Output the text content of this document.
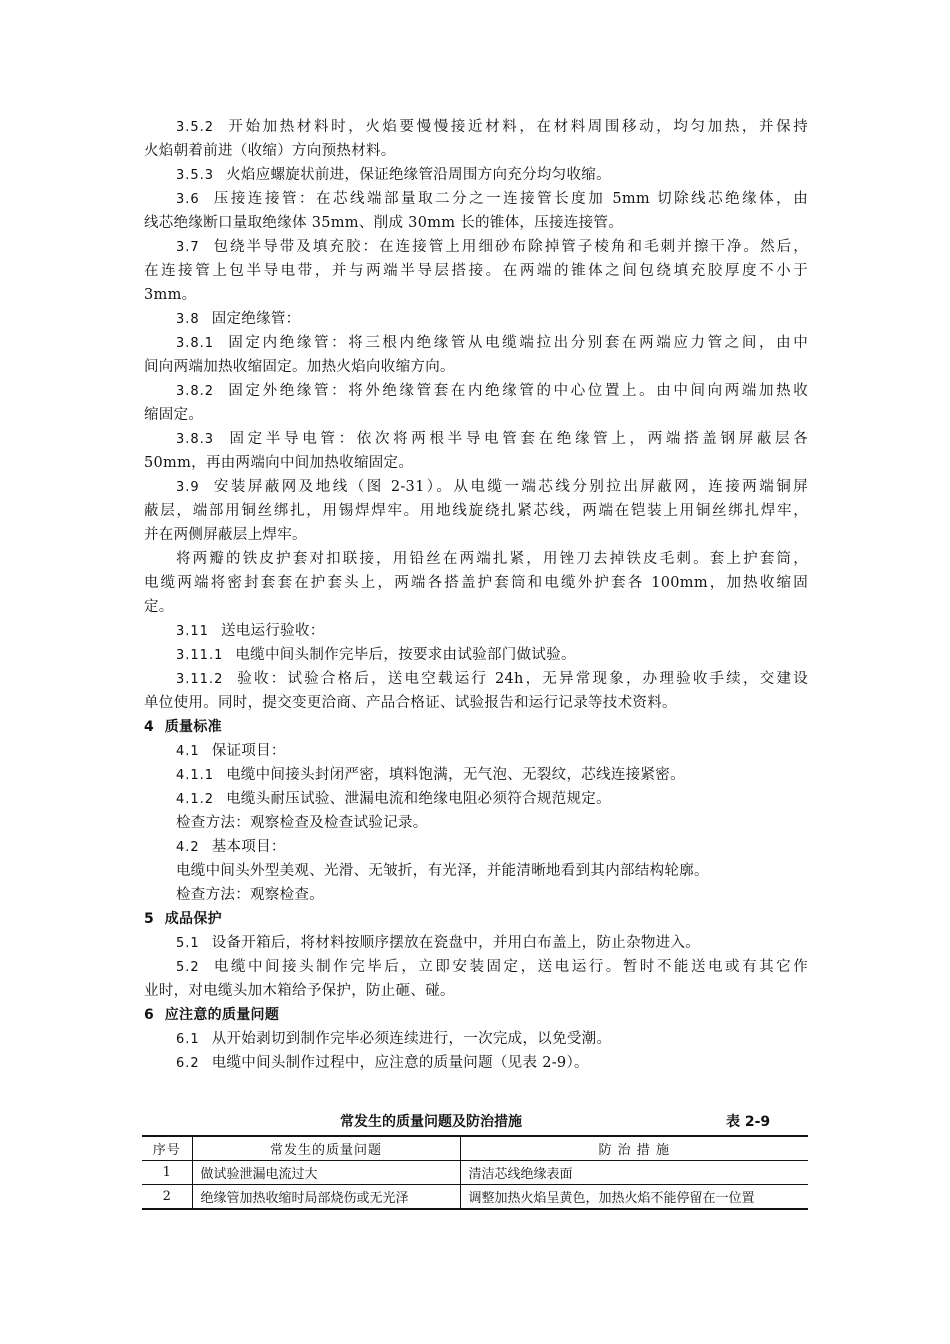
3.5.2 开始加热材料时，火焰要慢慢接近材料，在材料周围移动，均匀加热，并保持
火焰朝着前进（收缩）方向预热材料。
3.5.3 火焰应螺旋状前进，保证绝缘管沿周围方向充分均匀收缩。
3.6 压接连接管：在芯线端部量取二分之一连接管长度加 5mm 切除线芯绝缘体，由
线芯绝缘断口量取绝缘体 35mm、削成 30mm 长的锥体，压接连接管。
3.7 包绕半导带及填充胶：在连接管上用细砂布除掉管子棱角和毛刺并擦干净。然后，
在连接管上包半导电带，并与两端半导层搭接。在两端的锥体之间包绕填充胶厚度不小于
3mm。
3.8 固定绝缘管：
3.8.1 固定内绝缘管：将三根内绝缘管从电缆端拉出分别套在两端应力管之间，由中
间向两端加热收缩固定。加热火焰向收缩方向。
3.8.2 固定外绝缘管：将外绝缘管套在内绝缘管的中心位置上。由中间向两端加热收
缩固定。
3.8.3 固定半导电管：依次将两根半导电管套在绝缘管上，两端搭盖钢屏蔽层各
50mm，再由两端向中间加热收缩固定。
3.9 安装屏蔽网及地线（图 2-31）。从电缆一端芯线分别拉出屏蔽网，连接两端铜屏
蔽层，端部用铜丝绑扎，用锡焊焊牢。用地线旋绕扎紧芯线，两端在铠装上用铜丝绑扎焊牢，
并在两侧屏蔽层上焊牢。
将两瓣的铁皮护套对扣联接，用铅丝在两端扎紧，用锉刀去掉铁皮毛刺。套上护套筒，
电缆两端将密封套套在护套头上，两端各搭盖护套筒和电缆外护套各 100mm，加热收缩固
定。
3.11 送电运行验收：
3.11.1 电缆中间头制作完毕后，按要求由试验部门做试验。
3.11.2 验收：试验合格后，送电空载运行 24h，无异常现象，办理验收手续，交建设
单位使用。同时，提交变更洽商、产品合格证、试验报告和运行记录等技术资料。
4 质量标准
4.1 保证项目：
4.1.1 电缆中间接头封闭严密，填料饱满，无气泡、无裂纹，芯线连接紧密。
4.1.2 电缆头耐压试验、泄漏电流和绝缘电阻必须符合规范规定。
检查方法：观察检查及检查试验记录。
4.2 基本项目：
电缆中间头外型美观、光滑、无皱折，有光泽，并能清晰地看到其内部结构轮廓。
检查方法：观察检查。
5 成品保护
5.1 设备开箱后，将材料按顺序摆放在瓷盘中，并用白布盖上，防止杂物进入。
5.2 电缆中间接头制作完毕后，立即安装固定，送电运行。暂时不能送电或有其它作
业时，对电缆头加木箱给予保护，防止砸、碰。
6 应注意的质量问题
6.1 从开始剥切到制作完毕必须连续进行，一次完成，以免受潮。
6.2 电缆中间头制作过程中，应注意的质量问题（见表 2-9）。
常发生的质量问题及防治措施	表 2-9
序号	常发生的质量问题	防 治 措 施
1	做试验泄漏电流过大	清洁芯线绝缘表面
2	绝缘管加热收缩时局部烧伤或无光泽	调整加热火焰呈黄色，加热火焰不能停留在一位置
